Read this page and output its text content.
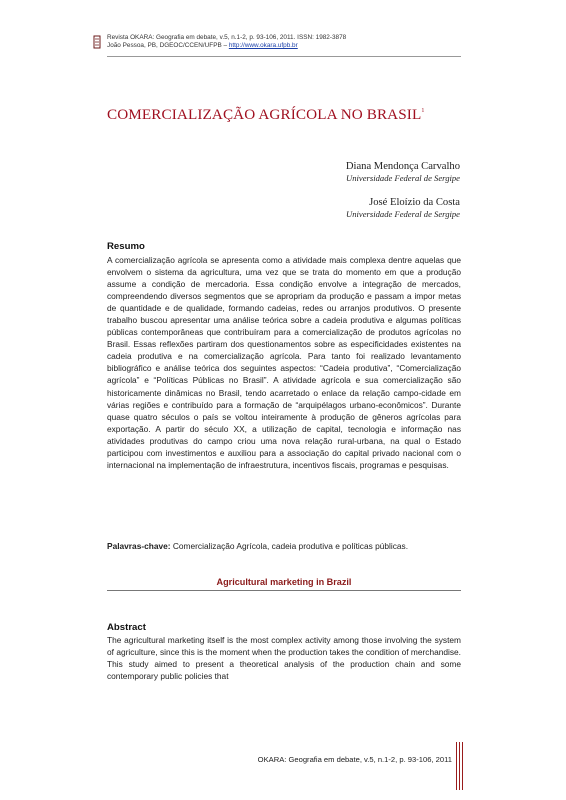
Revista OKARA: Geografia em debate, v.5, n.1-2, p. 93-106, 2011. ISSN: 1982-3878
João Pessoa, PB, DGEOC/CCEN/UFPB – http://www.okara.ufpb.br
COMERCIALIZAÇÃO AGRÍCOLA NO BRASIL$^1$
Diana Mendonça Carvalho
Universidade Federal de Sergipe
José Eloízio da Costa
Universidade Federal de Sergipe
Resumo
A comercialização agrícola se apresenta como a atividade mais complexa dentre aquelas que envolvem o sistema da agricultura, uma vez que se trata do momento em que a produção assume a condição de mercadoria. Essa condição envolve a integração de mercados, compreendendo diversos segmentos que se apropriam da produção e passam a impor metas de quantidade e de qualidade, formando cadeias, redes ou arranjos produtivos. O presente trabalho buscou apresentar uma análise teórica sobre a cadeia produtiva e algumas políticas públicas contemporâneas que contribuíram para a comercialização de produtos agrícolas no Brasil. Essas reflexões partiram dos questionamentos sobre as especificidades existentes na cadeia produtiva e na comercialização agrícola. Para tanto foi realizado levantamento bibliográfico e análise teórica dos seguintes aspectos: “Cadeia produtiva”, “Comercialização agrícola” e “Políticas Públicas no Brasil”. A atividade agrícola e sua comercialização são historicamente dinâmicas no Brasil, tendo acarretado o enlace da relação campo-cidade em várias regiões e contribuído para a formação de “arquipélagos urbano-econômicos”. Durante quase quatro séculos o país se voltou inteiramente à produção de gêneros agrícolas para exportação. A partir do século XX, a utilização de capital, tecnologia e informação nas atividades produtivas do campo criou uma nova relação rural-urbana, na qual o Estado participou com investimentos e auxiliou para a associação do capital privado nacional com o internacional na implementação de infraestrutura, incentivos fiscais, programas e pesquisas.
Palavras-chave: Comercialização Agrícola, cadeia produtiva e políticas públicas.
Agricultural marketing in Brazil
Abstract
The agricultural marketing itself is the most complex activity among those involving the system of agriculture, since this is the moment when the production takes the condition of merchandise. This study aimed to present a theoretical analysis of the production chain and some contemporary public policies that
OKARA: Geografia em debate, v.5, n.1-2, p. 93-106, 2011
